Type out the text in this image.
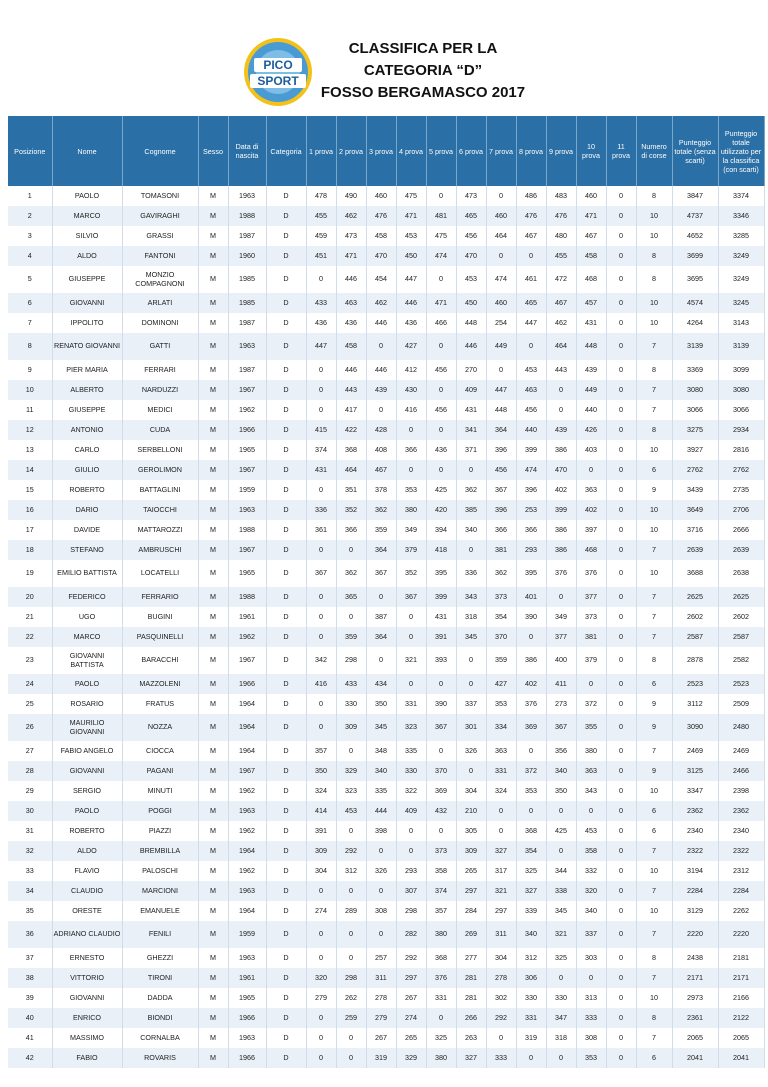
PICO
SPORT
CLASSIFICA PER LA
CATEGORIA “D”
FOSSO BERGAMASCO 2017
Posizione	Nome	Cognome	Sesso	Data di nascita	Categoria	1 prova	2 prova	3 prova	4 prova	5 prova	6 prova	7 prova	8 prova	9 prova	10 prova	11 prova	Numero di corse	Punteggio totale (senza scarti)	Punteggio totale utilizzato per la classifica (con scarti)
1	PAOLO	TOMASONI	M	1963	D	478	490	460	475	0	473	0	486	483	460	0	8	3847	3374
2	MARCO	GAVIRAGHI	M	1988	D	455	462	476	471	481	465	460	476	476	471	0	10	4737	3346
3	SILVIO	GRASSI	M	1987	D	459	473	458	453	475	456	464	467	480	467	0	10	4652	3285
4	ALDO	FANTONI	M	1960	D	451	471	470	450	474	470	0	0	455	458	0	8	3699	3249
5	GIUSEPPE	MONZIO COMPAGNONI	M	1985	D	0	446	454	447	0	453	474	461	472	468	0	8	3695	3249
6	GIOVANNI	ARLATI	M	1985	D	433	463	462	446	471	450	460	465	467	457	0	10	4574	3245
7	IPPOLITO	DOMINONI	M	1987	D	436	436	446	436	466	448	254	447	462	431	0	10	4264	3143
8	RENATO GIOVANNI	GATTI	M	1963	D	447	458	0	427	0	446	449	0	464	448	0	7	3139	3139
9	PIER MARIA	FERRARI	M	1987	D	0	446	446	412	456	270	0	453	443	439	0	8	3369	3099
10	ALBERTO	NARDUZZI	M	1967	D	0	443	439	430	0	409	447	463	0	449	0	7	3080	3080
11	GIUSEPPE	MEDICI	M	1962	D	0	417	0	416	456	431	448	456	0	440	0	7	3066	3066
12	ANTONIO	CUDA	M	1966	D	415	422	428	0	0	341	364	440	439	426	0	8	3275	2934
13	CARLO	SERBELLONI	M	1965	D	374	368	408	366	436	371	396	399	386	403	0	10	3927	2816
14	GIULIO	GEROLIMON	M	1967	D	431	464	467	0	0	0	456	474	470	0	0	6	2762	2762
15	ROBERTO	BATTAGLINI	M	1959	D	0	351	378	353	425	362	367	396	402	363	0	9	3439	2735
16	DARIO	TAIOCCHI	M	1963	D	336	352	362	380	420	385	396	253	399	402	0	10	3649	2706
17	DAVIDE	MATTAROZZI	M	1988	D	361	366	359	349	394	340	366	366	386	397	0	10	3716	2666
18	STEFANO	AMBRUSCHI	M	1967	D	0	0	364	379	418	0	381	293	386	468	0	7	2639	2639
19	EMILIO BATTISTA	LOCATELLI	M	1965	D	367	362	367	352	395	336	362	395	376	376	0	10	3688	2638
20	FEDERICO	FERRARIO	M	1988	D	0	365	0	367	399	343	373	401	0	377	0	7	2625	2625
21	UGO	BUGINI	M	1961	D	0	0	387	0	431	318	354	390	349	373	0	7	2602	2602
22	MARCO	PASQUINELLI	M	1962	D	0	359	364	0	391	345	370	0	377	381	0	7	2587	2587
23	GIOVANNI BATTISTA	BARACCHI	M	1967	D	342	298	0	321	393	0	359	386	400	379	0	8	2878	2582
24	PAOLO	MAZZOLENI	M	1966	D	416	433	434	0	0	0	427	402	411	0	0	6	2523	2523
25	ROSARIO	FRATUS	M	1964	D	0	330	350	331	390	337	353	376	273	372	0	9	3112	2509
26	MAURILIO GIOVANNI	NOZZA	M	1964	D	0	309	345	323	367	301	334	369	367	355	0	9	3090	2480
27	FABIO ANGELO	CIOCCA	M	1964	D	357	0	348	335	0	326	363	0	356	380	0	7	2469	2469
28	GIOVANNI	PAGANI	M	1967	D	350	329	340	330	370	0	331	372	340	363	0	9	3125	2466
29	SERGIO	MINUTI	M	1962	D	324	323	335	322	369	304	324	353	350	343	0	10	3347	2398
30	PAOLO	POGGI	M	1963	D	414	453	444	409	432	210	0	0	0	0	0	6	2362	2362
31	ROBERTO	PIAZZI	M	1962	D	391	0	398	0	0	305	0	368	425	453	0	6	2340	2340
32	ALDO	BREMBILLA	M	1964	D	309	292	0	0	373	309	327	354	0	358	0	7	2322	2322
33	FLAVIO	PALOSCHI	M	1962	D	304	312	326	293	358	265	317	325	344	332	0	10	3194	2312
34	CLAUDIO	MARCIONI	M	1963	D	0	0	0	307	374	297	321	327	338	320	0	7	2284	2284
35	ORESTE	EMANUELE	M	1964	D	274	289	308	298	357	284	297	339	345	340	0	10	3129	2262
36	ADRIANO CLAUDIO	FENILI	M	1959	D	0	0	0	282	380	269	311	340	321	337	0	7	2220	2220
37	ERNESTO	GHEZZI	M	1963	D	0	0	257	292	368	277	304	312	325	303	0	8	2438	2181
38	VITTORIO	TIRONI	M	1961	D	320	298	311	297	376	281	278	306	0	0	0	7	2171	2171
39	GIOVANNI	DADDA	M	1965	D	279	262	278	267	331	281	302	330	330	313	0	10	2973	2166
40	ENRICO	BIONDI	M	1966	D	0	259	279	274	0	266	292	331	347	333	0	8	2361	2122
41	MASSIMO	CORNALBA	M	1963	D	0	0	267	265	325	263	0	319	318	308	0	7	2065	2065
42	FABIO	ROVARIS	M	1966	D	0	0	319	329	380	327	333	0	0	353	0	6	2041	2041
